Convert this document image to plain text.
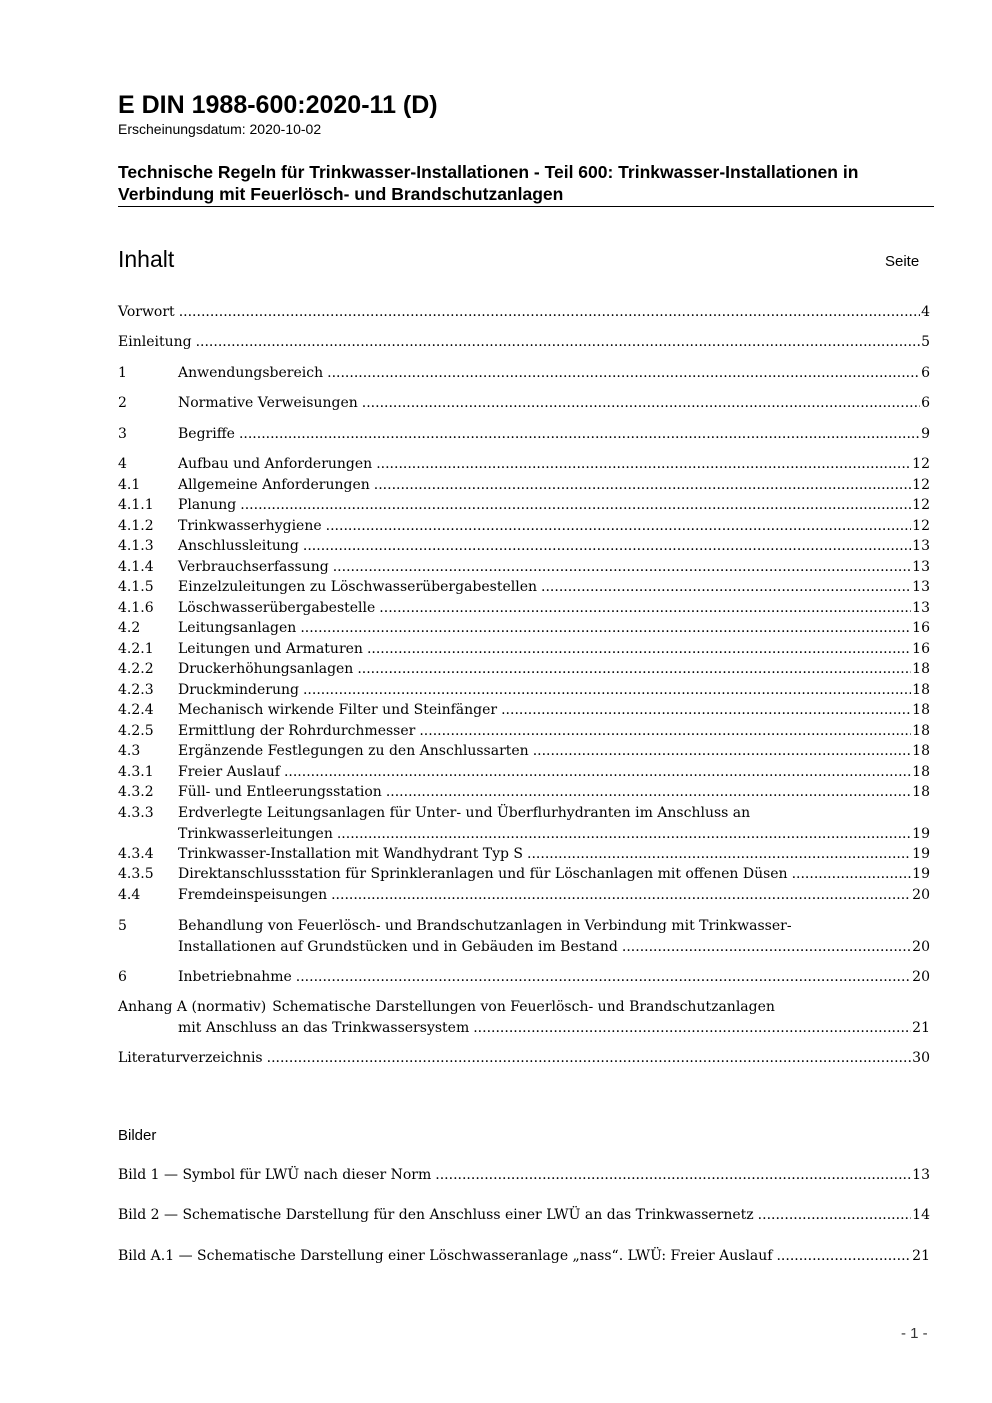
E DIN 1988-600:2020-11 (D)
Erscheinungsdatum: 2020-10-02
Technische Regeln für Trinkwasser-Installationen - Teil 600: Trinkwasser-Installationen in Verbindung mit Feuerlösch- und Brandschutzanlagen
Inhalt	Seite
Vorwort .....	4
Einleitung .....	5
1	Anwendungsbereich .....	6
2	Normative Verweisungen .....	6
3	Begriffe .....	9
4	Aufbau und Anforderungen .....	12
4.1	Allgemeine Anforderungen .....	12
4.1.1	Planung .....	12
4.1.2	Trinkwasserhygiene .....	12
4.1.3	Anschlussleitung .....	13
4.1.4	Verbrauchserfassung .....	13
4.1.5	Einzelzuleitungen zu Löschwasserübergabestellen .....	13
4.1.6	Löschwasserübergabestelle .....	13
4.2	Leitungsanlagen .....	16
4.2.1	Leitungen und Armaturen .....	16
4.2.2	Druckerhöhungsanlagen .....	18
4.2.3	Druckminderung .....	18
4.2.4	Mechanisch wirkende Filter und Steinfänger .....	18
4.2.5	Ermittlung der Rohrdurchmesser .....	18
4.3	Ergänzende Festlegungen zu den Anschlussarten .....	18
4.3.1	Freier Auslauf .....	18
4.3.2	Füll- und Entleerungsstation .....	18
4.3.3	Erdverlegte Leitungsanlagen für Unter- und Überflurhydranten im Anschluss an
Trinkwasserleitungen .....	19
4.3.4	Trinkwasser-Installation mit Wandhydrant Typ S .....	19
4.3.5	Direktanschlussstation für Sprinkleranlagen und für Löschanlagen mit offenen Düsen .....	19
4.4	Fremdeinspeisungen .....	20
5	Behandlung von Feuerlösch- und Brandschutzanlagen in Verbindung mit Trinkwasser-
Installationen auf Grundstücken und in Gebäuden im Bestand .....	20
6	Inbetriebnahme .....	20
Anhang A (normativ) Schematische Darstellungen von Feuerlösch- und Brandschutzanlagen
mit Anschluss an das Trinkwassersystem .....	21
Literaturverzeichnis .....	30
Bilder
Bild 1 — Symbol für LWÜ nach dieser Norm .....	13
Bild 2 — Schematische Darstellung für den Anschluss einer LWÜ an das Trinkwassernetz .....	14
Bild A.1 — Schematische Darstellung einer Löschwasseranlage „nass“. LWÜ: Freier Auslauf .....	21
- 1 -
